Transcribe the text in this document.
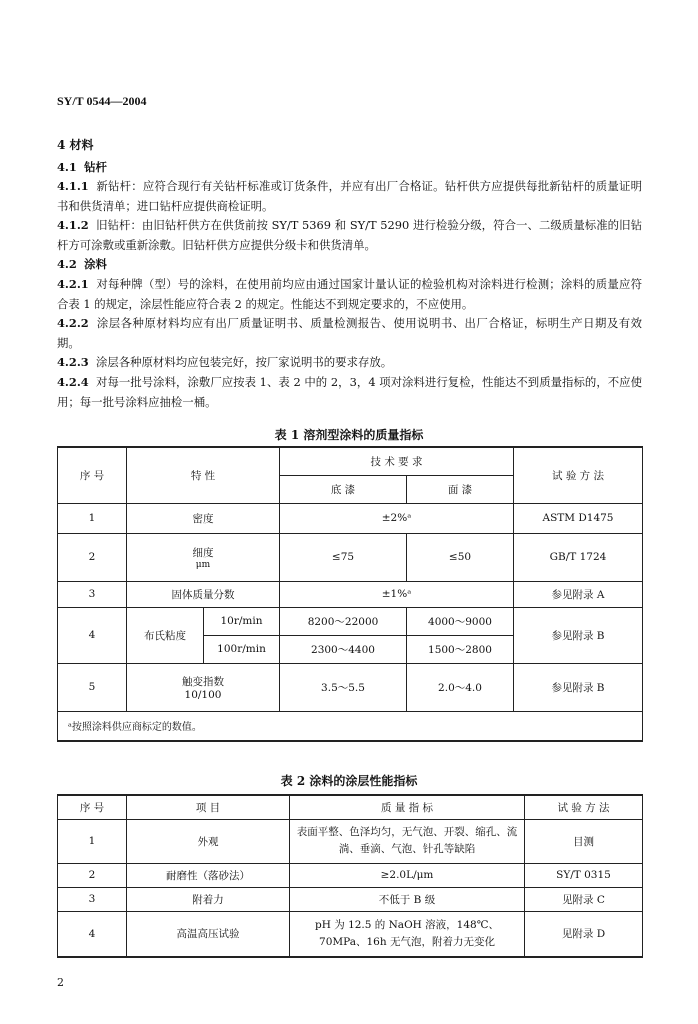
SY/T 0544—2004
4 材料
4.1 钻杆
4.1.1 新钻杆：应符合现行有关钻杆标准或订货条件，并应有出厂合格证。钻杆供方应提供每批新钻杆的质量证明书和供货清单；进口钻杆应提供商检证明。
4.1.2 旧钻杆：由旧钻杆供方在供货前按 SY/T 5369 和 SY/T 5290 进行检验分级，符合一、二级质量标准的旧钻杆方可涂敷或重新涂敷。旧钻杆供方应提供分级卡和供货清单。
4.2 涂料
4.2.1 对每种牌（型）号的涂料，在使用前均应由通过国家计量认证的检验机构对涂料进行检测；涂料的质量应符合表 1 的规定，涂层性能应符合表 2 的规定。性能达不到规定要求的，不应使用。
4.2.2 涂层各种原材料均应有出厂质量证明书、质量检测报告、使用说明书、出厂合格证，标明生产日期及有效期。
4.2.3 涂层各种原材料均应包装完好，按厂家说明书的要求存放。
4.2.4 对每一批号涂料，涂敷厂应按表 1、表 2 中的 2，3，4 项对涂料进行复检，性能达不到质量指标的，不应使用；每一批号涂料应抽检一桶。
表 1 溶剂型涂料的质量指标
序 号	特 性		技 术 要 求		试 验 方 法
			底 漆	面 漆	
1	密度		±2%ᵃ		ASTM D1475
2	细度
μm		≤75	≤50	GB/T 1724
3	固体质量分数		±1%ᵃ		参见附录 A
4	布氏粘度	10r/min	8200～22000	4000～9000	参见附录 B
		100r/min	2300～4400	1500～2800	
5	触变指数
10/100		3.5～5.5	2.0～4.0	参见附录 B
ᵃ按照涂料供应商标定的数值。					
表 2 涂料的涂层性能指标
序 号	项 目	质 量 指 标	试 验 方 法
1	外观	表面平整、色泽均匀，无气泡、开裂、缩孔、流淌、垂滴、气泡、针孔等缺陷	目测
2	耐磨性（落砂法）	≥2.0L/μm	SY/T 0315
3	附着力	不低于 B 级	见附录 C
4	高温高压试验	pH 为 12.5 的 NaOH 溶液，148℃、70MPa、16h 无气泡，附着力无变化	见附录 D
2
